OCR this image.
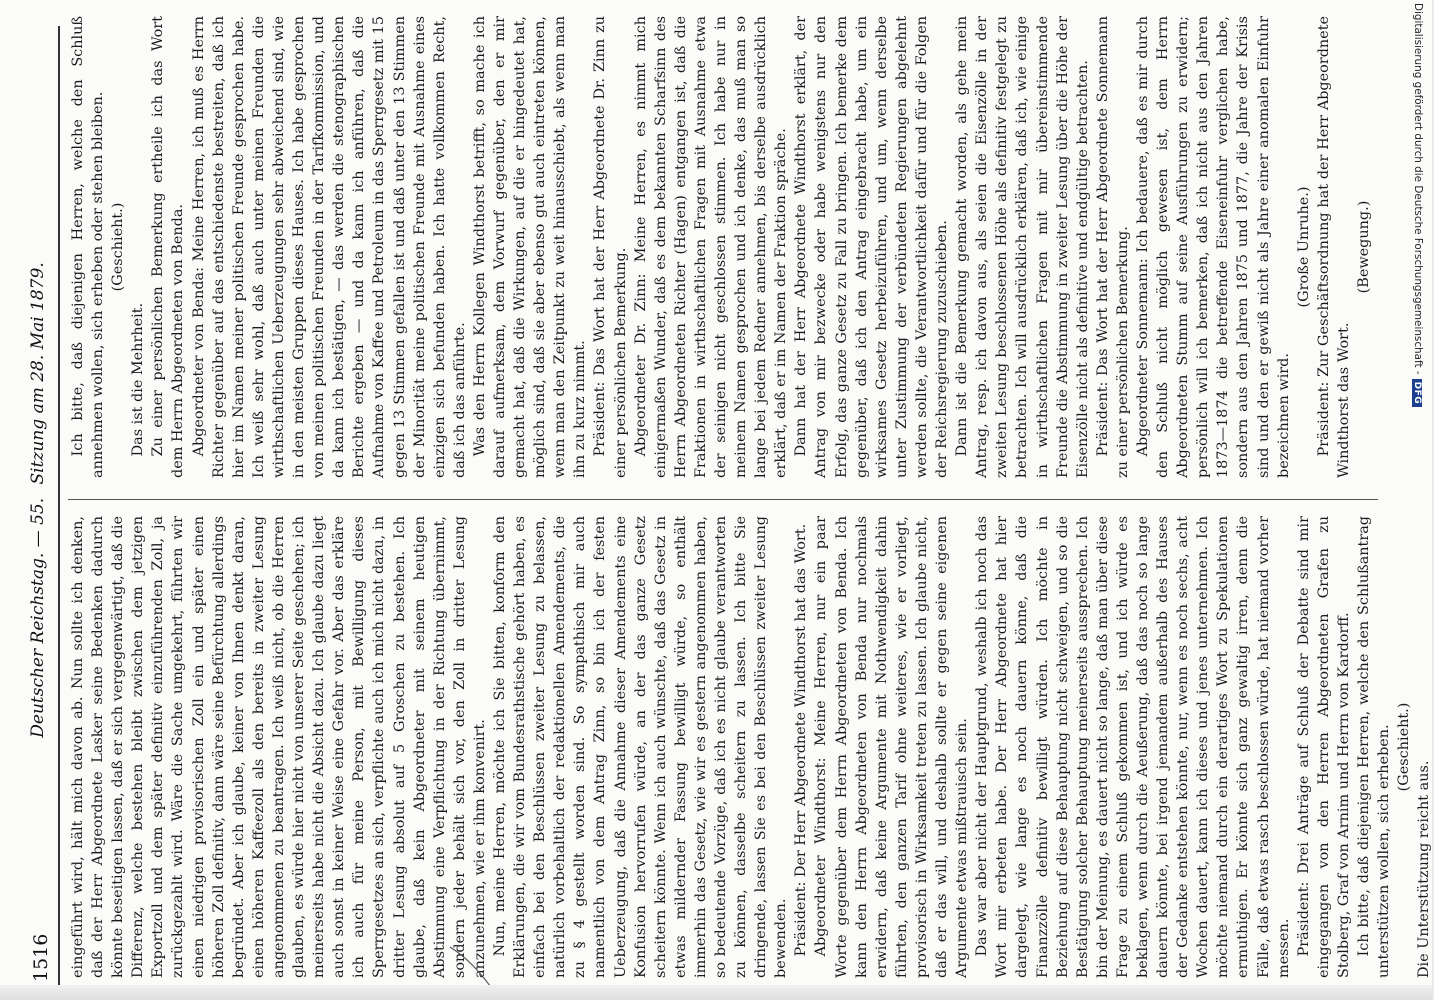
1516
Deutscher Reichstag. — 55. Sitzung am 28. Mai 1879.

eingeführt wird, hält mich davon ab. Nun sollte ich denken, daß der Herr Abgeordnete Lasker seine Bedenken dadurch könnte beseitigen lassen, daß er sich vergegenwärtigt, daß die Differenz, welche bestehen bleibt zwischen dem jetzigen Exportzoll und dem später definitiv einzuführenden Zoll, ja zurückgezahlt wird. Wäre die Sache umgekehrt, führten wir einen niedrigen provisorischen Zoll ein und später einen höheren Zoll definitiv, dann wäre seine Befürchtung allerdings begründet. Aber ich glaube, keiner von Ihnen denkt daran, einen höheren Kaffeezoll als den bereits in zweiter Lesung angenommenen zu beantragen. Ich weiß nicht, ob die Herren glauben, es würde hier nicht von unserer Seite geschehen; ich meinerseits habe nicht die Absicht dazu. Ich glaube dazu liegt auch sonst in keiner Weise eine Gefahr vor. Aber das erkläre ich auch für meine Person, mit Bewilligung dieses Sperrgesetzes an sich, verpflichte auch ich mich nicht dazu, in dritter Lesung absolut auf 5 Groschen zu bestehen. Ich glaube, daß kein Abgeordneter mit seinem heutigen Abstimmung eine Verpflichtung in der Richtung übernimmt, sondern jeder behält sich vor, den Zoll in dritter Lesung anzunehmen, wie er ihm konvenirt. Nun, meine Herren, möchte ich Sie bitten, konform den Erklärungen, die wir vom Bundesrathstische gehört haben, es einfach bei den Beschlüssen zweiter Lesung zu belassen, natürlich vorbehaltlich der redaktionellen Amendements, die zu § 4 gestellt worden sind. So sympathisch mir auch namentlich von dem Antrag Zinn, so bin ich der festen Ueberzeugung, daß die Annahme dieser Amendements eine Konfusion hervorrufen würde, an der das ganze Gesetz scheitern könnte. Wenn ich auch wünschte, daß das Gesetz in etwas mildernder Fassung bewilligt würde, so enthält immerhin das Gesetz, wie wir es gestern angenommen haben, so bedeutende Vorzüge, daß ich es nicht glaube verantworten zu können, dasselbe scheitern zu lassen. Ich bitte Sie dringende, lassen Sie es bei den Beschlüssen zweiter Lesung bewenden. Präsident: Der Herr Abgeordnete Windthorst hat das Wort. Abgeordneter Windthorst: Meine Herren, nur ein paar Worte gegenüber dem Herrn Abgeordneten von Benda. Ich kann den Herrn Abgeordneten von Benda nur nochmals erwidern, daß keine Argumente mit Nothwendigkeit dahin führten, den ganzen Tarif ohne weiteres, wie er vorliegt, provisorisch in Wirksamkeit treten zu lassen. Ich glaube nicht, daß er das will, und deshalb sollte er gegen seine eigenen Argumente etwas mißtrauisch sein. Das war aber nicht der Hauptgrund, weshalb ich noch das Wort mir erbeten habe. Der Herr Abgeordnete hat hier dargelegt, wie lange es noch dauern könne, daß die Finanzzölle definitiv bewilligt würden. Ich möchte in Beziehung auf diese Behauptung nicht schweigen, und so die Bestätigung solcher Behauptung meinerseits aussprechen. Ich bin der Meinung, es dauert nicht so lange, daß man über diese Frage zu einem Schluß gekommen ist, und ich würde es beklagen, wenn durch die Aeußerung, daß das noch so lange dauern könnte, bei irgend jemandem außerhalb des Hauses der Gedanke entstehen könnte, nur, wenn es noch sechs, acht Wochen dauert, kann ich dieses und jenes unternehmen. Ich möchte niemand durch ein derartiges Wort zu Spekulationen ermuthigen. Er könnte sich ganz gewaltig irren, denn die Fälle, daß etwas rasch beschlossen würde, hat niemand vorher messen. Präsident: Drei Anträge auf Schluß der Debatte sind mir eingegangen von den Herren Abgeordneten Grafen zu Stolberg, Graf von Arnim und Herrn von Kardorff. Ich bitte, daß diejenigen Herren, welche den Schlußantrag unterstützen wollen, sich erheben. (Geschieht.)

Die Unterstützung reicht aus.

Ich bitte, daß diejenigen Herren, welche den Schluß annehmen wollen, sich erheben oder stehen bleiben. (Geschieht.)

Das ist die Mehrheit. Zu einer persönlichen Bemerkung ertheile ich das Wort dem Herrn Abgeordneten von Benda. Abgeordneter von Benda: Meine Herren, ich muß es Herrn Richter gegenüber auf das entschiedenste bestreiten, daß ich hier im Namen meiner politischen Freunde gesprochen habe. Ich weiß sehr wohl, daß auch unter meinen Freunden die wirthschaftlichen Ueberzeugungen sehr abweichend sind, wie in den meisten Gruppen dieses Hauses. Ich habe gesprochen von meinen politischen Freunden in der Tarifkommission, und da kann ich bestätigen, — das werden die stenographischen Berichte ergeben — und da kann ich anführen, daß die Aufnahme von Kaffee und Petroleum in das Sperrgesetz mit 15 gegen 13 Stimmen gefallen ist und daß unter den 13 Stimmen der Minorität meine politischen Freunde mit Ausnahme eines einzigen sich befunden haben. Ich hatte vollkommen Recht, daß ich das anführte. Was den Herrn Kollegen Windthorst betrifft, so mache ich darauf aufmerksam, dem Vorwurf gegenüber, den er mir gemacht hat, daß die Wirkungen, auf die er hingedeutet hat, möglich sind, daß sie aber ebenso gut auch eintreten können, wenn man den Zeitpunkt zu weit hinausschiebt, als wenn man ihn zu kurz nimmt. Präsident: Das Wort hat der Herr Abgeordnete Dr. Zinn zu einer persönlichen Bemerkung. Abgeordneter Dr. Zinn: Meine Herren, es nimmt mich einigermaßen Wunder, daß es dem bekannten Scharfsinn des Herrn Abgeordneten Richter (Hagen) entgangen ist, daß die Fraktionen in wirthschaftlichen Fragen mit Ausnahme etwa der seinigen nicht geschlossen stimmen. Ich habe nur in meinem Namen gesprochen und ich denke, das muß man so lange bei jedem Redner annehmen, bis derselbe ausdrücklich erklärt, daß er im Namen der Fraktion spräche. Dann hat der Herr Abgeordnete Windthorst erklärt, der Antrag von mir bezwecke oder habe wenigstens nur den Erfolg, das ganze Gesetz zu Fall zu bringen. Ich bemerke dem gegenüber, daß ich den Antrag eingebracht habe, um ein wirksames Gesetz herbeizuführen, und um, wenn derselbe unter Zustimmung der verbündeten Regierungen abgelehnt werden sollte, die Verantwortlichkeit dafür und für die Folgen der Reichsregierung zuzuschieben. Dann ist die Bemerkung gemacht worden, als gehe mein Antrag, resp. ich davon aus, als seien die Eisenzölle in der zweiten Lesung beschlossenen Höhe als definitiv festgelegt zu betrachten. Ich will ausdrücklich erklären, daß ich, wie einige in wirthschaftlichen Fragen mit mir übereinstimmende Freunde die Abstimmung in zweiter Lesung über die Höhe der Eisenzölle nicht als definitive und endgültige betrachten. Präsident: Das Wort hat der Herr Abgeordnete Sonnemann zu einer persönlichen Bemerkung. Abgeordneter Sonnemann: Ich bedauere, daß es mir durch den Schluß nicht möglich gewesen ist, dem Herrn Abgeordneten Stumm auf seine Ausführungen zu erwidern; persönlich will ich bemerken, daß ich nicht aus den Jahren 1873—1874 die betreffende Eiseneinfuhr verglichen habe, sondern aus den Jahren 1875 und 1877, die Jahre der Krisis sind und den er gewiß nicht als Jahre einer anomalen Einfuhr bezeichnen wird.

(Große Unruhe.) Präsident: Zur Geschäftsordnung hat der Herr Abgeordnete Windthorst das Wort.

(Bewegung.)	Digitalisierung gefördert durch die Deutsche Forschungsgemeinschaft -DFG
